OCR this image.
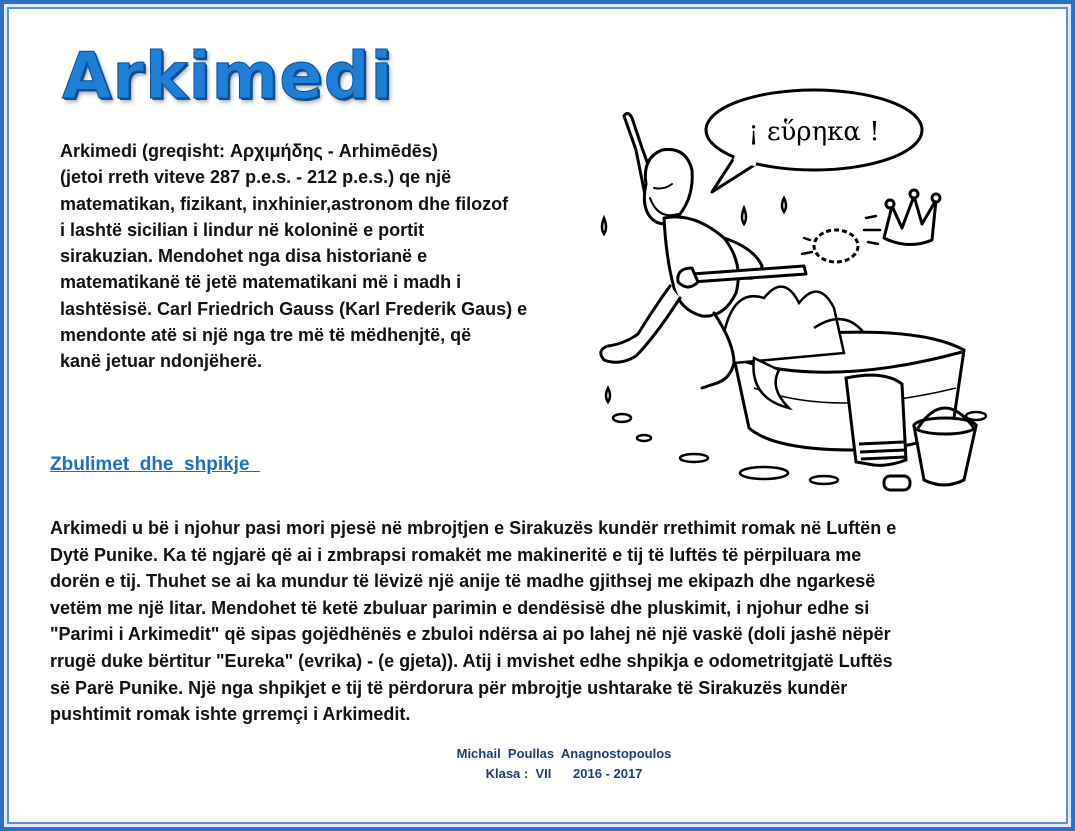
Arkimedi

Arkimedi (greqisht: Αρχιμήδης - Arhimēdēs)
(jetoi rreth viteve 287 p.e.s. - 212 p.e.s.) qe një
matematikan, fizikant, inxhinier,astronom dhe filozof
i lashtë sicilian i lindur në koloninë e portit
sirakuzian. Mendohet nga disa historianë e
matematikanë të jetë matematikani më i madh i
lashtësisë. Carl Friedrich Gauss (Karl Frederik Gaus) e
mendonte atë si një nga tre më të mëdhenjtë, që
kanë jetuar ndonjëherë.

¡ εὕρηκα !
Zbulimet  dhe  shpikje

Arkimedi u bë i njohur pasi mori pjesë në mbrojtjen e Sirakuzës kundër rrethimit romak në Luftën e
Dytë Punike. Ka të ngjarë që ai i zmbrapsi romakët me makineritë e tij të luftës të përpiluara me
dorën e tij. Thuhet se ai ka mundur të lëvizë një anije të madhe gjithsej me ekipazh dhe ngarkesë
vetëm me një litar. Mendohet të ketë zbuluar parimin e dendësisë dhe pluskimit, i njohur edhe si
"Parimi i Arkimedit" që sipas gojëdhënës e zbuloi ndërsa ai po lahej në një vaskë (doli jashë nëpër
rrugë duke bërtitur "Eureka" (evrika) - (e gjeta)). Atij i mvishet edhe shpikja e odometritgjatë Luftës
së Parë Punike. Një nga shpikjet e tij të përdorura për mbrojtje ushtarake të Sirakuzës kundër
pushtimit romak ishte grremçi i Arkimedit.

Michail  Poullas  Anagnostopoulos
Klasa :  VII      2016 - 2017
